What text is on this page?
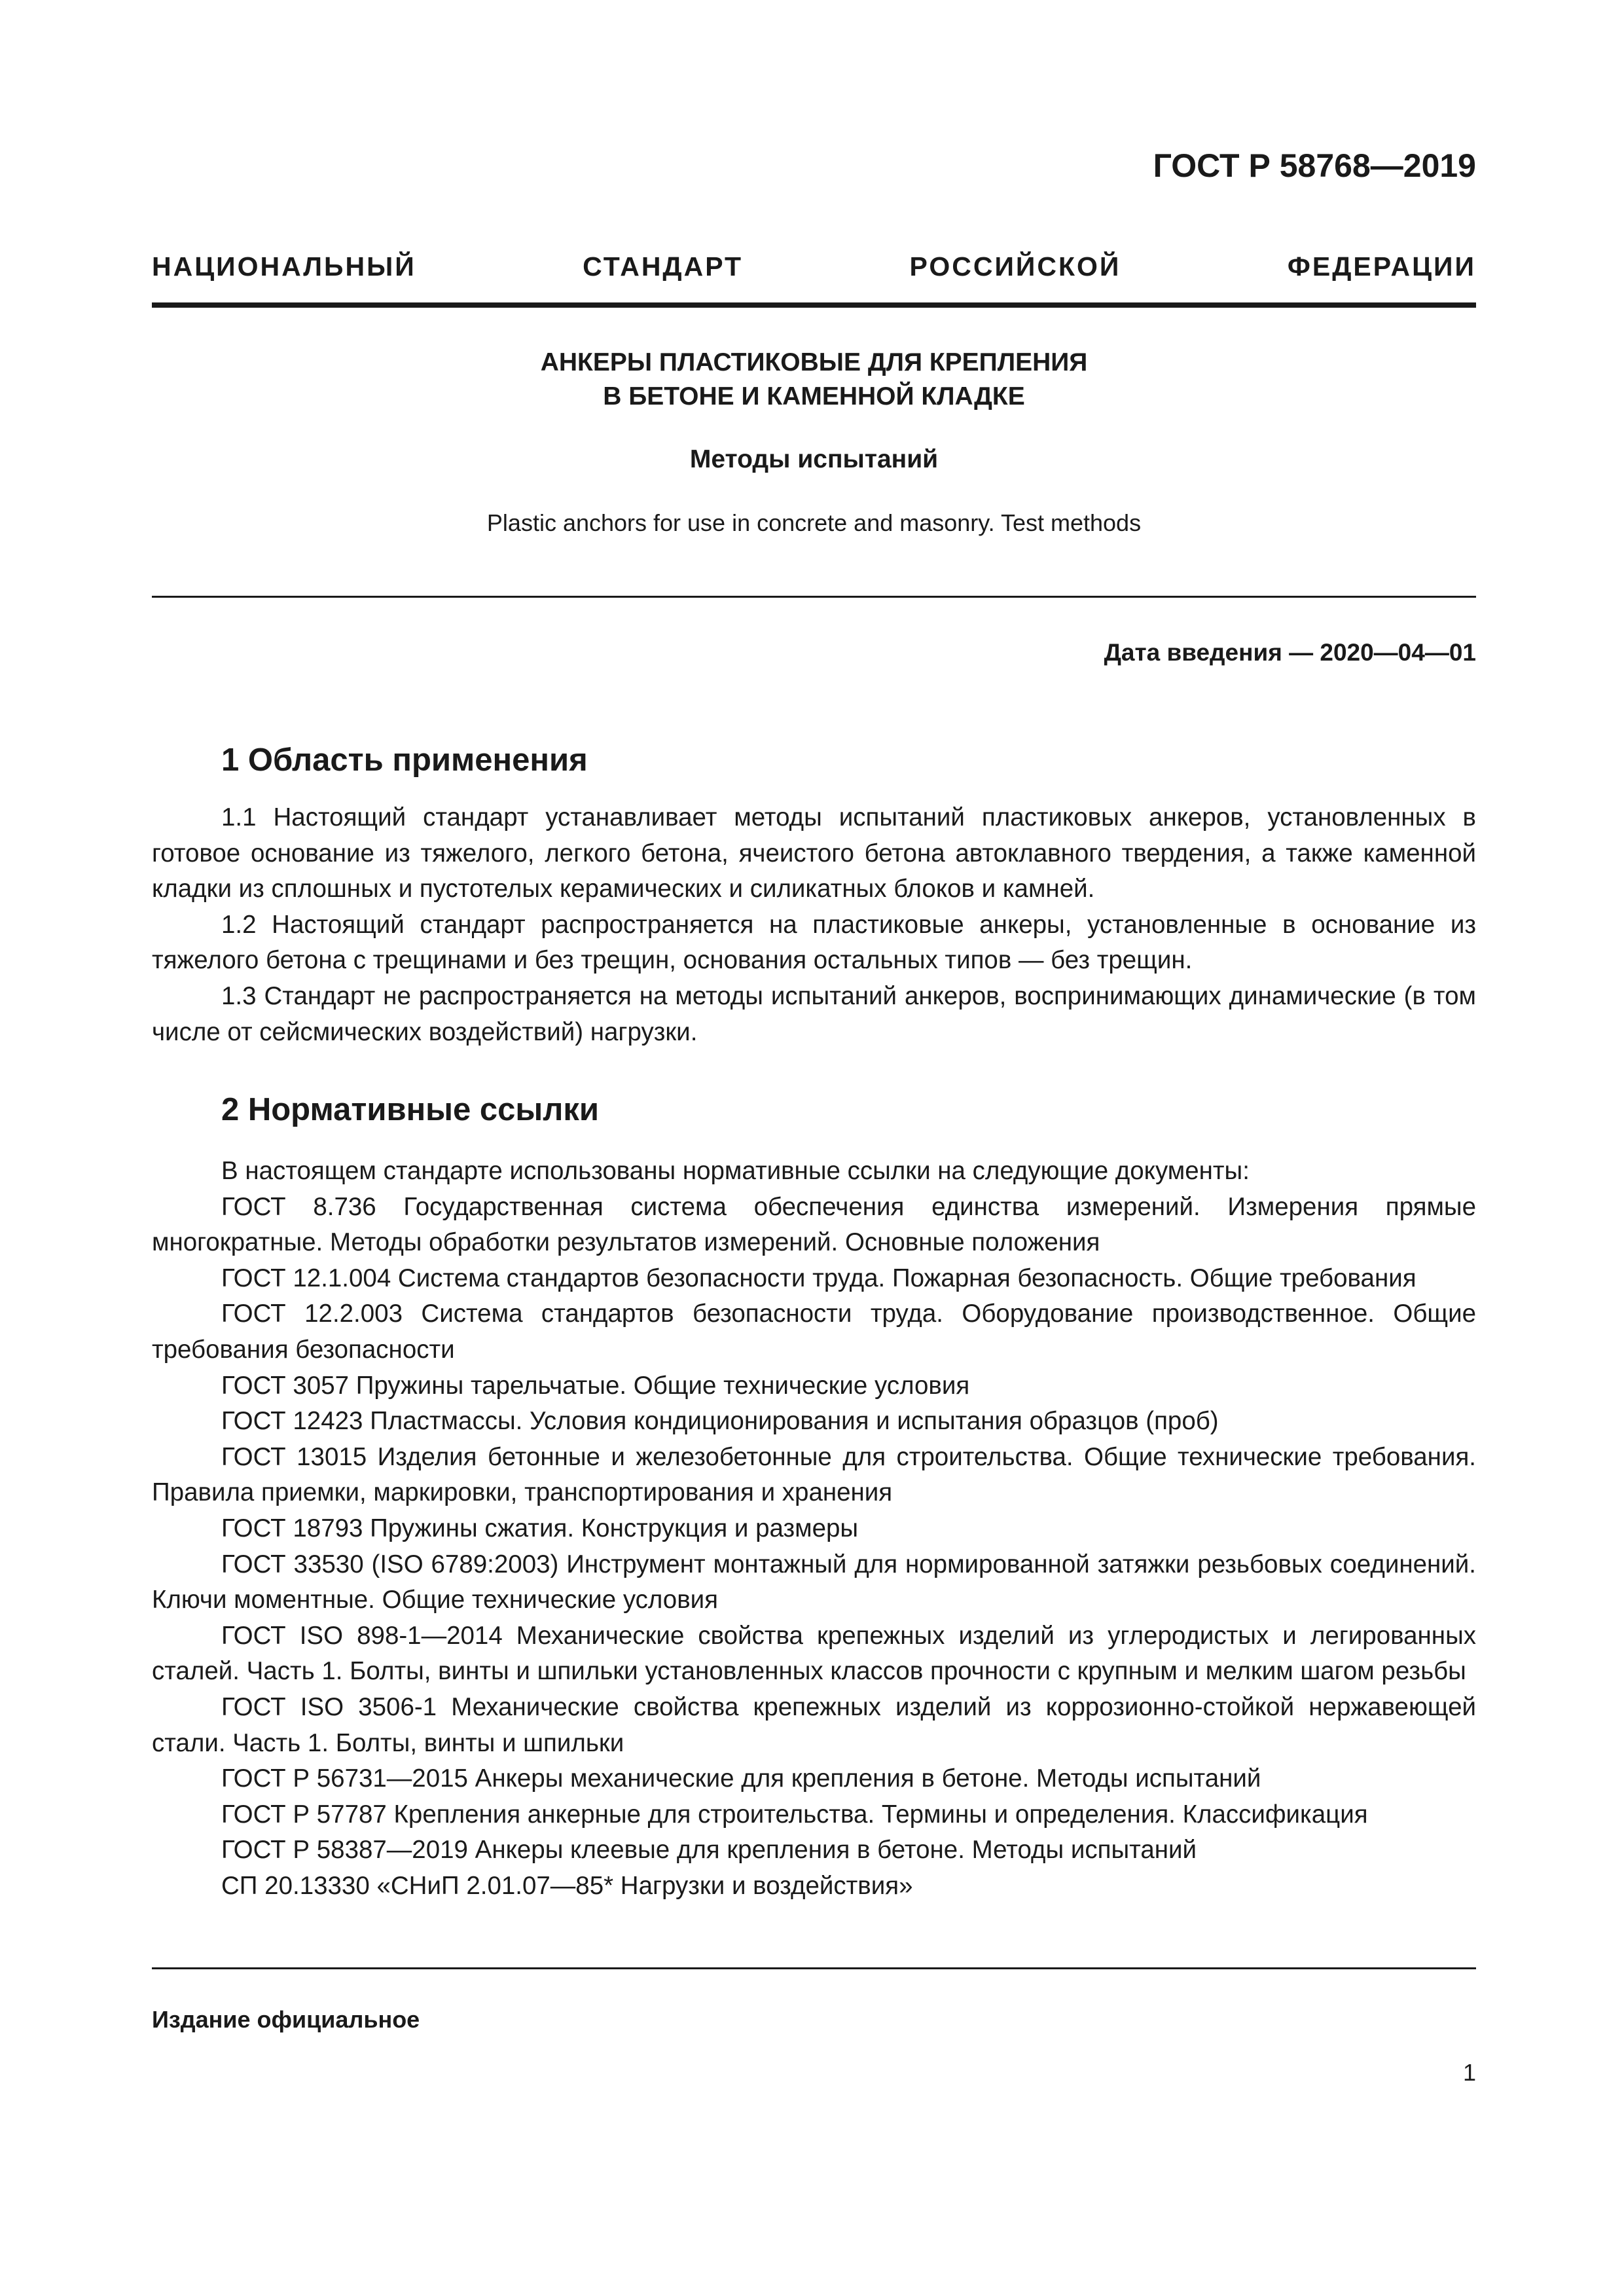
ГОСТ Р 58768—2019
НАЦИОНАЛЬНЫЙ СТАНДАРТ РОССИЙСКОЙ ФЕДЕРАЦИИ
АНКЕРЫ ПЛАСТИКОВЫЕ ДЛЯ КРЕПЛЕНИЯ
В БЕТОНЕ И КАМЕННОЙ КЛАДКЕ
Методы испытаний
Plastic anchors for use in concrete and masonry. Test methods
Дата введения — 2020—04—01
1 Область применения

1.1 Настоящий стандарт устанавливает методы испытаний пластиковых анкеров, установленных в готовое основание из тяжелого, легкого бетона, ячеистого бетона автоклавного твердения, а также каменной кладки из сплошных и пустотелых керамических и силикатных блоков и камней.

1.2 Настоящий стандарт распространяется на пластиковые анкеры, установленные в основание из тяжелого бетона с трещинами и без трещин, основания остальных типов — без трещин.

1.3 Стандарт не распространяется на методы испытаний анкеров, воспринимающих динамические (в том числе от сейсмических воздействий) нагрузки.

2 Нормативные ссылки

В настоящем стандарте использованы нормативные ссылки на следующие документы:

ГОСТ 8.736 Государственная система обеспечения единства измерений. Измерения прямые многократные. Методы обработки результатов измерений. Основные положения

ГОСТ 12.1.004 Система стандартов безопасности труда. Пожарная безопасность. Общие требования

ГОСТ 12.2.003 Система стандартов безопасности труда. Оборудование производственное. Общие требования безопасности

ГОСТ 3057 Пружины тарельчатые. Общие технические условия

ГОСТ 12423 Пластмассы. Условия кондиционирования и испытания образцов (проб)

ГОСТ 13015 Изделия бетонные и железобетонные для строительства. Общие технические требования. Правила приемки, маркировки, транспортирования и хранения

ГОСТ 18793 Пружины сжатия. Конструкция и размеры

ГОСТ 33530 (ISO 6789:2003) Инструмент монтажный для нормированной затяжки резьбовых соединений. Ключи моментные. Общие технические условия

ГОСТ ISO 898-1—2014 Механические свойства крепежных изделий из углеродистых и легированных сталей. Часть 1. Болты, винты и шпильки установленных классов прочности с крупным и мелким шагом резьбы

ГОСТ ISO 3506-1 Механические свойства крепежных изделий из коррозионно-стойкой нержавеющей стали. Часть 1. Болты, винты и шпильки

ГОСТ Р 56731—2015 Анкеры механические для крепления в бетоне. Методы испытаний

ГОСТ Р 57787 Крепления анкерные для строительства. Термины и определения. Классификация

ГОСТ Р 58387—2019 Анкеры клеевые для крепления в бетоне. Методы испытаний

СП 20.13330 «СНиП 2.01.07—85* Нагрузки и воздействия»

Издание официальное
1
